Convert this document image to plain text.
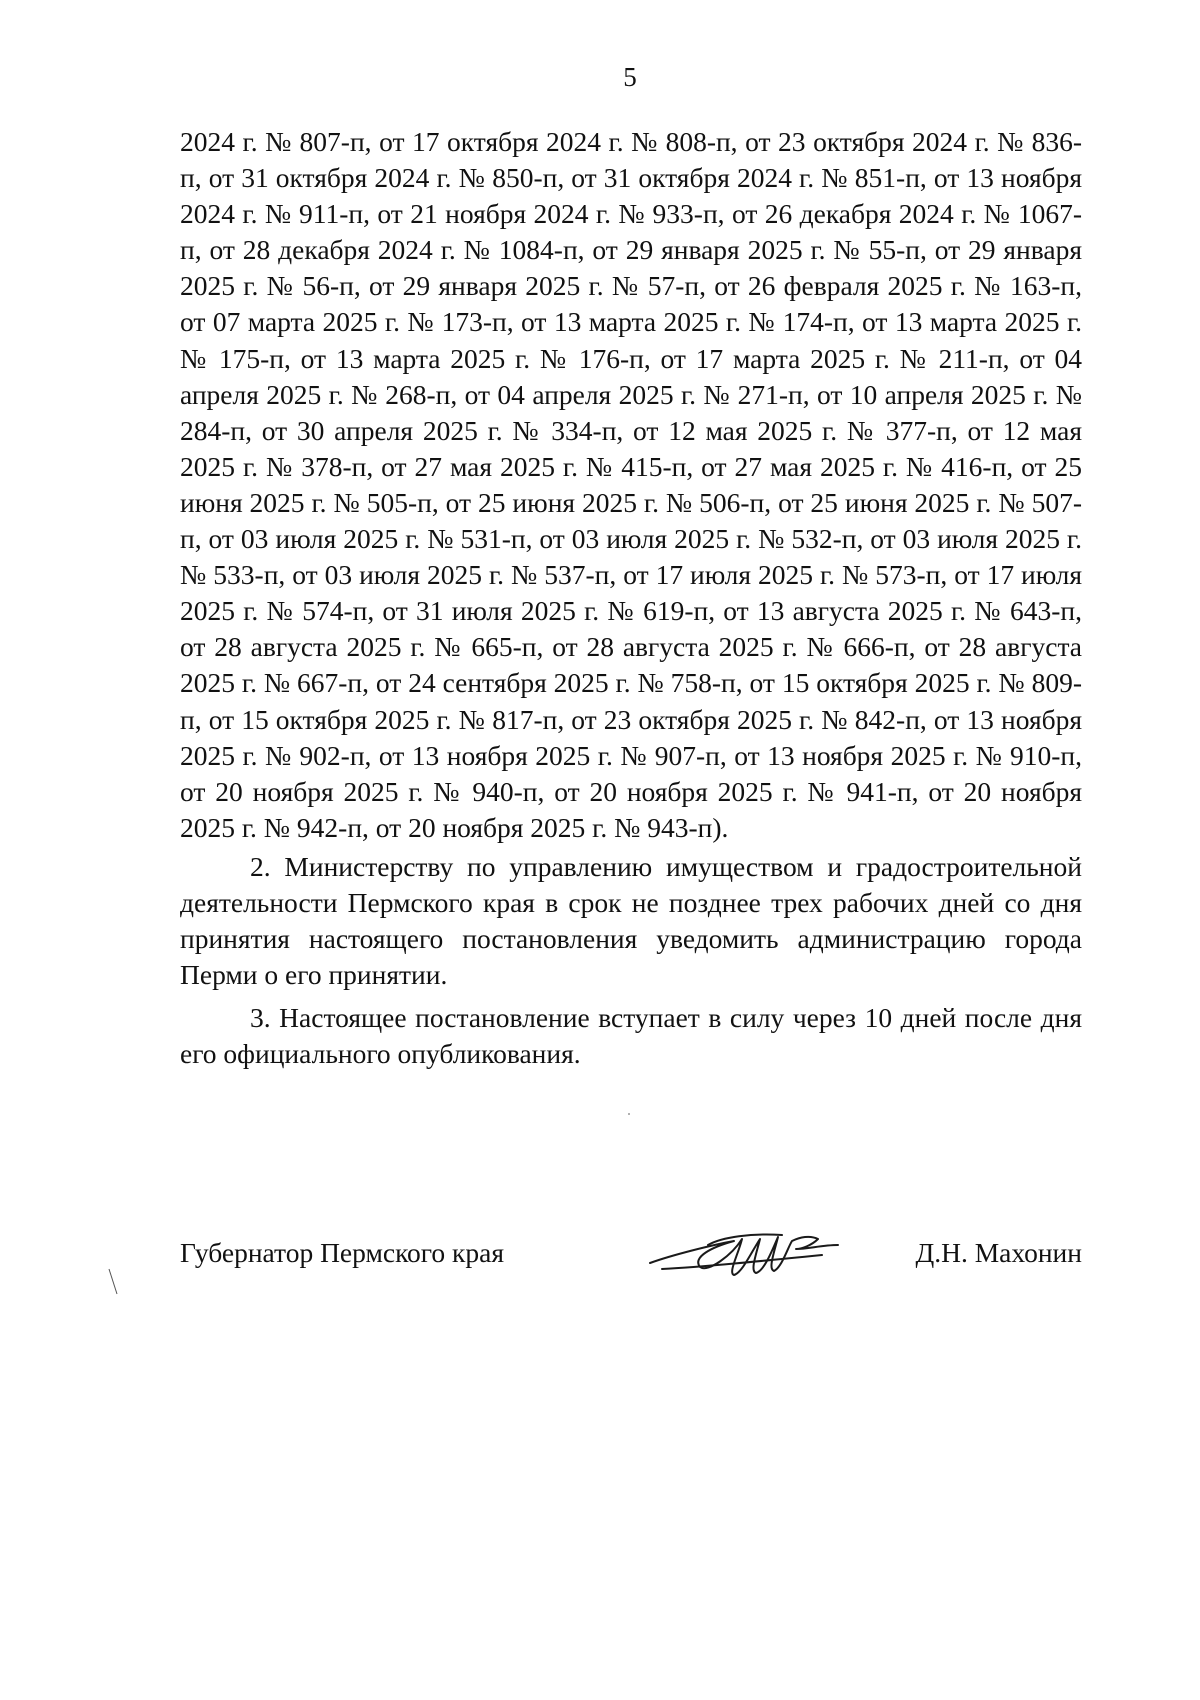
5

2024 г. № 807-п, от 17 октября 2024 г. № 808-п, от 23 октября 2024 г. № 836-п, от 31 октября 2024 г. № 850-п, от 31 октября 2024 г. № 851-п, от 13 ноября 2024 г. № 911-п, от 21 ноября 2024 г. № 933-п, от 26 декабря 2024 г. № 1067-п, от 28 декабря 2024 г. № 1084-п, от 29 января 2025 г. № 55-п, от 29 января 2025 г. № 56-п, от 29 января 2025 г. № 57-п, от 26 февраля 2025 г. № 163-п, от 07 марта 2025 г. № 173-п, от 13 марта 2025 г. № 174-п, от 13 марта 2025 г. № 175-п, от 13 марта 2025 г. № 176-п, от 17 марта 2025 г. № 211-п, от 04 апреля 2025 г. № 268-п, от 04 апреля 2025 г. № 271-п, от 10 апреля 2025 г. № 284-п, от 30 апреля 2025 г. № 334-п, от 12 мая 2025 г. № 377-п, от 12 мая 2025 г. № 378-п, от 27 мая 2025 г. № 415-п, от 27 мая 2025 г. № 416-п, от 25 июня 2025 г. № 505-п, от 25 июня 2025 г. № 506-п, от 25 июня 2025 г. № 507-п, от 03 июля 2025 г. № 531-п, от 03 июля 2025 г. № 532-п, от 03 июля 2025 г. № 533-п, от 03 июля 2025 г. № 537-п, от 17 июля 2025 г. № 573-п, от 17 июля 2025 г. № 574-п, от 31 июля 2025 г. № 619-п, от 13 августа 2025 г. № 643-п, от 28 августа 2025 г. № 665-п, от 28 августа 2025 г. № 666-п, от 28 августа 2025 г. № 667-п, от 24 сентября 2025 г. № 758-п, от 15 октября 2025 г. № 809-п, от 15 октября 2025 г. № 817-п, от 23 октября 2025 г. № 842-п, от 13 ноября 2025 г. № 902-п, от 13 ноября 2025 г. № 907-п, от 13 ноября 2025 г. № 910-п, от 20 ноября 2025 г. № 940-п, от 20 ноября 2025 г. № 941-п, от 20 ноября 2025 г. № 942-п, от 20 ноября 2025 г. № 943-п).

2. Министерству по управлению имуществом и градостроительной деятельности Пермского края в срок не позднее трех рабочих дней со дня принятия настоящего постановления уведомить администрацию города Перми о его принятии.

3. Настоящее постановление вступает в силу через 10 дней после дня его официального опубликования.

Губернатор Пермского края	Д.Н. Махонин
